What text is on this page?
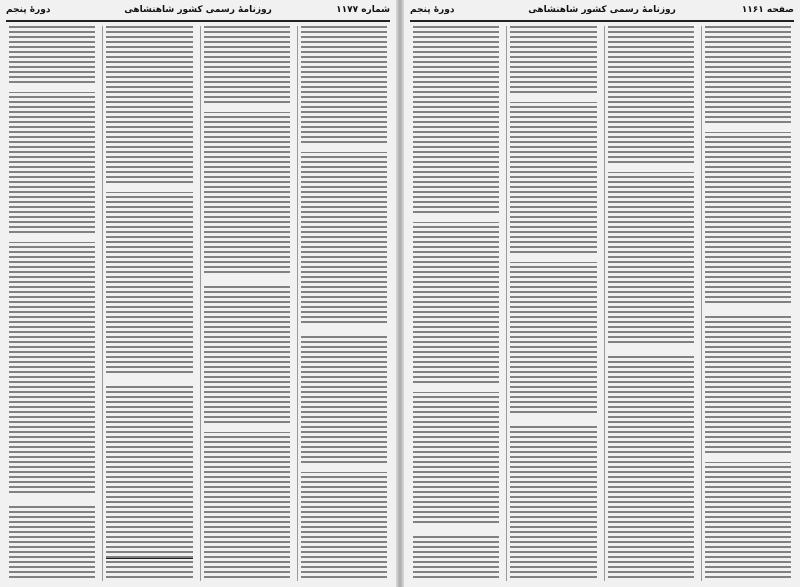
شماره ۱۱۷۷
روزنامهٔ رسمی کشور شاهنشاهی
دورهٔ پنجم	صفحه ۱۱۶۱
روزنامهٔ رسمی کشور شاهنشاهی
دورهٔ پنجم
